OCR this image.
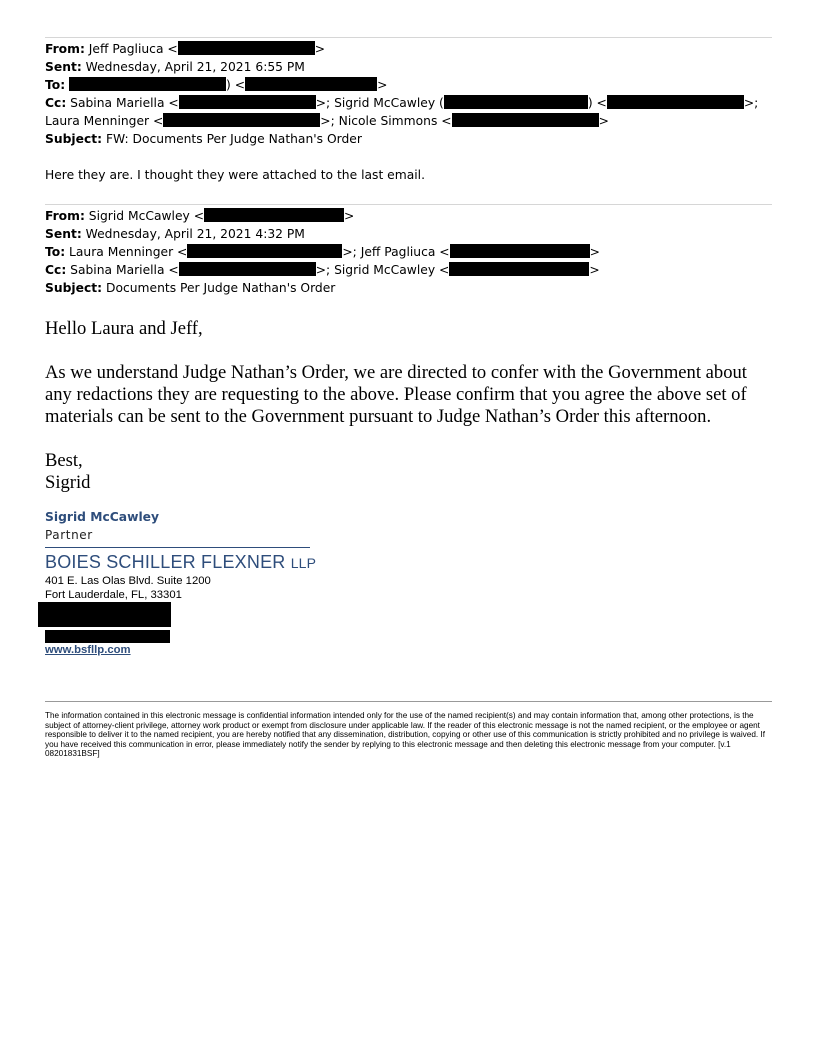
From: Jeff Pagliuca <	>
Sent: Wednesday, April 21, 2021 6:55 PM
To:	) <	>
Cc: Sabina Mariella <	>; Sigrid McCawley (	) <	>;
Laura Menninger <	>; Nicole Simmons <	>
Subject: FW: Documents Per Judge Nathan's Order
Here they are. I thought they were attached to the last email.
From: Sigrid McCawley <	>
Sent: Wednesday, April 21, 2021 4:32 PM
To: Laura Menninger <	>; Jeff Pagliuca <	>
Cc: Sabina Mariella <	>; Sigrid McCawley <	>
Subject: Documents Per Judge Nathan's Order
Hello Laura and Jeff,
As we understand Judge Nathan’s Order, we are directed to confer with the Government about any redactions they are requesting to the above. Please confirm that you agree the above set of materials can be sent to the Government pursuant to Judge Nathan’s Order this afternoon.
Best,
Sigrid
Sigrid McCawley
Partner
BOIES SCHILLER FLEXNER LLP
401 E. Las Olas Blvd. Suite 1200
Fort Lauderdale, FL, 33301
www.bsfllp.com
The information contained in this electronic message is confidential information intended only for the use of the named recipient(s) and may contain information that, among other protections, is the subject of attorney-client privilege, attorney work product or exempt from disclosure under applicable law. If the reader of this electronic message is not the named recipient, or the employee or agent responsible to deliver it to the named recipient, you are hereby notified that any dissemination, distribution, copying or other use of this communication is strictly prohibited and no privilege is waived. If you have received this communication in error, please immediately notify the sender by replying to this electronic message and then deleting this electronic message from your computer. [v.1 08201831BSF]
